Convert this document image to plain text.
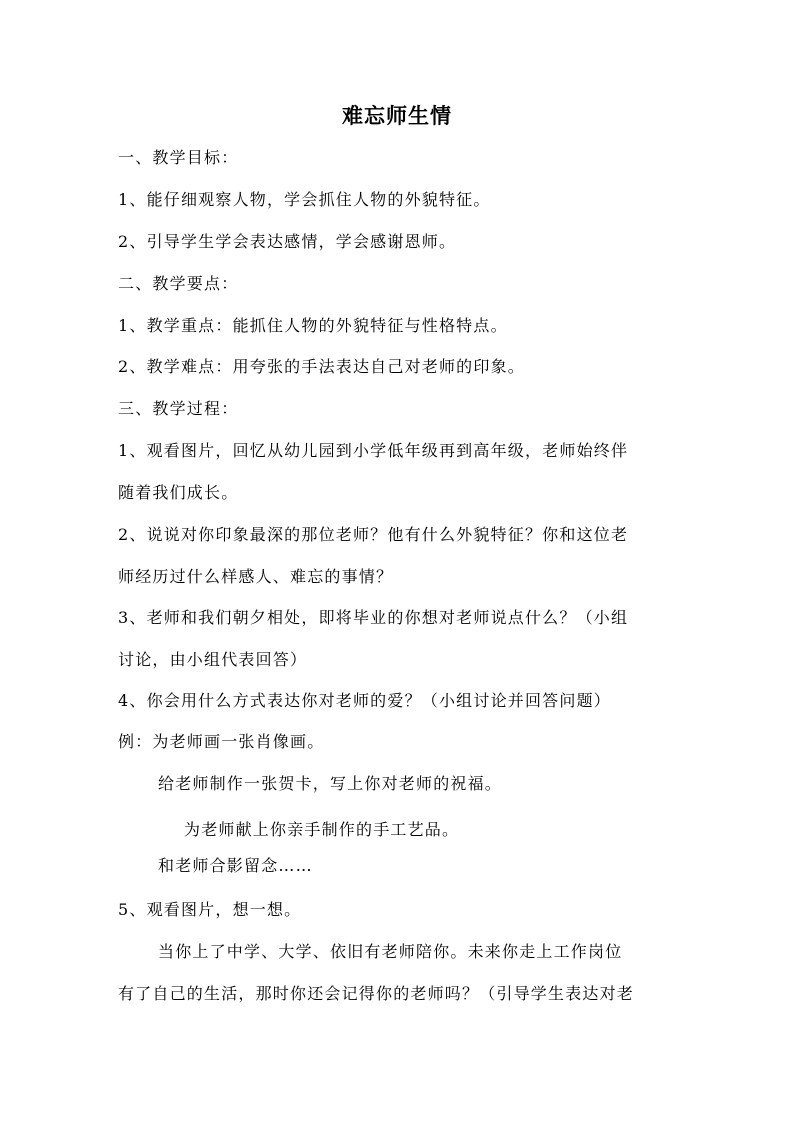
难忘师生情
一、教学目标：
1、能仔细观察人物，学会抓住人物的外貌特征。
2、引导学生学会表达感情，学会感谢恩师。
二、教学要点：
1、教学重点：能抓住人物的外貌特征与性格特点。
2、教学难点：用夸张的手法表达自己对老师的印象。
三、教学过程：
1、观看图片，回忆从幼儿园到小学低年级再到高年级，老师始终伴
随着我们成长。
2、说说对你印象最深的那位老师？他有什么外貌特征？你和这位老
师经历过什么样感人、难忘的事情？
3、老师和我们朝夕相处，即将毕业的你想对老师说点什么？（小组
讨论，由小组代表回答）
4、你会用什么方式表达你对老师的爱？（小组讨论并回答问题）
例：为老师画一张肖像画。
给老师制作一张贺卡，写上你对老师的祝福。
为老师献上你亲手制作的手工艺品。
和老师合影留念……
5、观看图片，想一想。
当你上了中学、大学、依旧有老师陪你。未来你走上工作岗位
有了自己的生活，那时你还会记得你的老师吗？（引导学生表达对老
